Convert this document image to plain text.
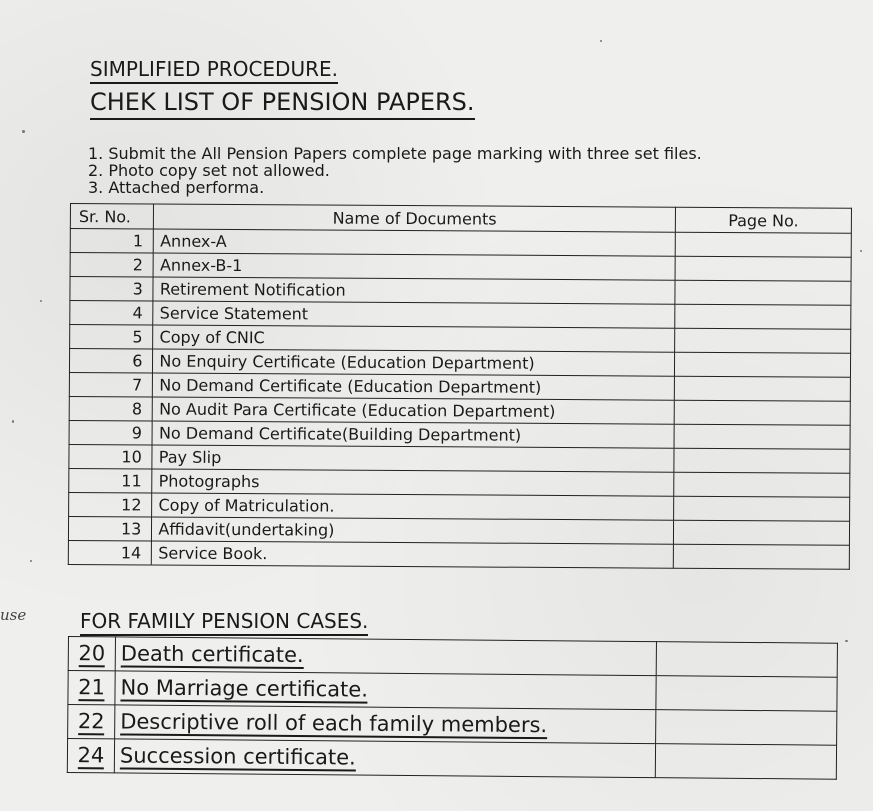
SIMPLIFIED PROCEDURE.
CHEK LIST OF PENSION PAPERS.
1. Submit the All Pension Papers complete page marking with three set files.
2. Photo copy set not allowed.
3. Attached performa.
Sr. No.	Name of Documents	Page No.
1	Annex-A	
2	Annex-B-1	
3	Retirement Notification	
4	Service Statement	
5	Copy of CNIC	
6	No Enquiry Certificate (Education Department)	
7	No Demand Certificate (Education Department)	
8	No Audit Para Certificate (Education Department)	
9	No Demand Certificate(Building Department)	
10	Pay Slip	
11	Photographs	
12	Copy of Matriculation.	
13	Affidavit(undertaking)	
14	Service Book.	
use	FOR FAMILY PENSION CASES.
20	Death certificate.	
21	No Marriage certificate.	
22	Descriptive roll of each family members.	
24	Succession certificate.	
